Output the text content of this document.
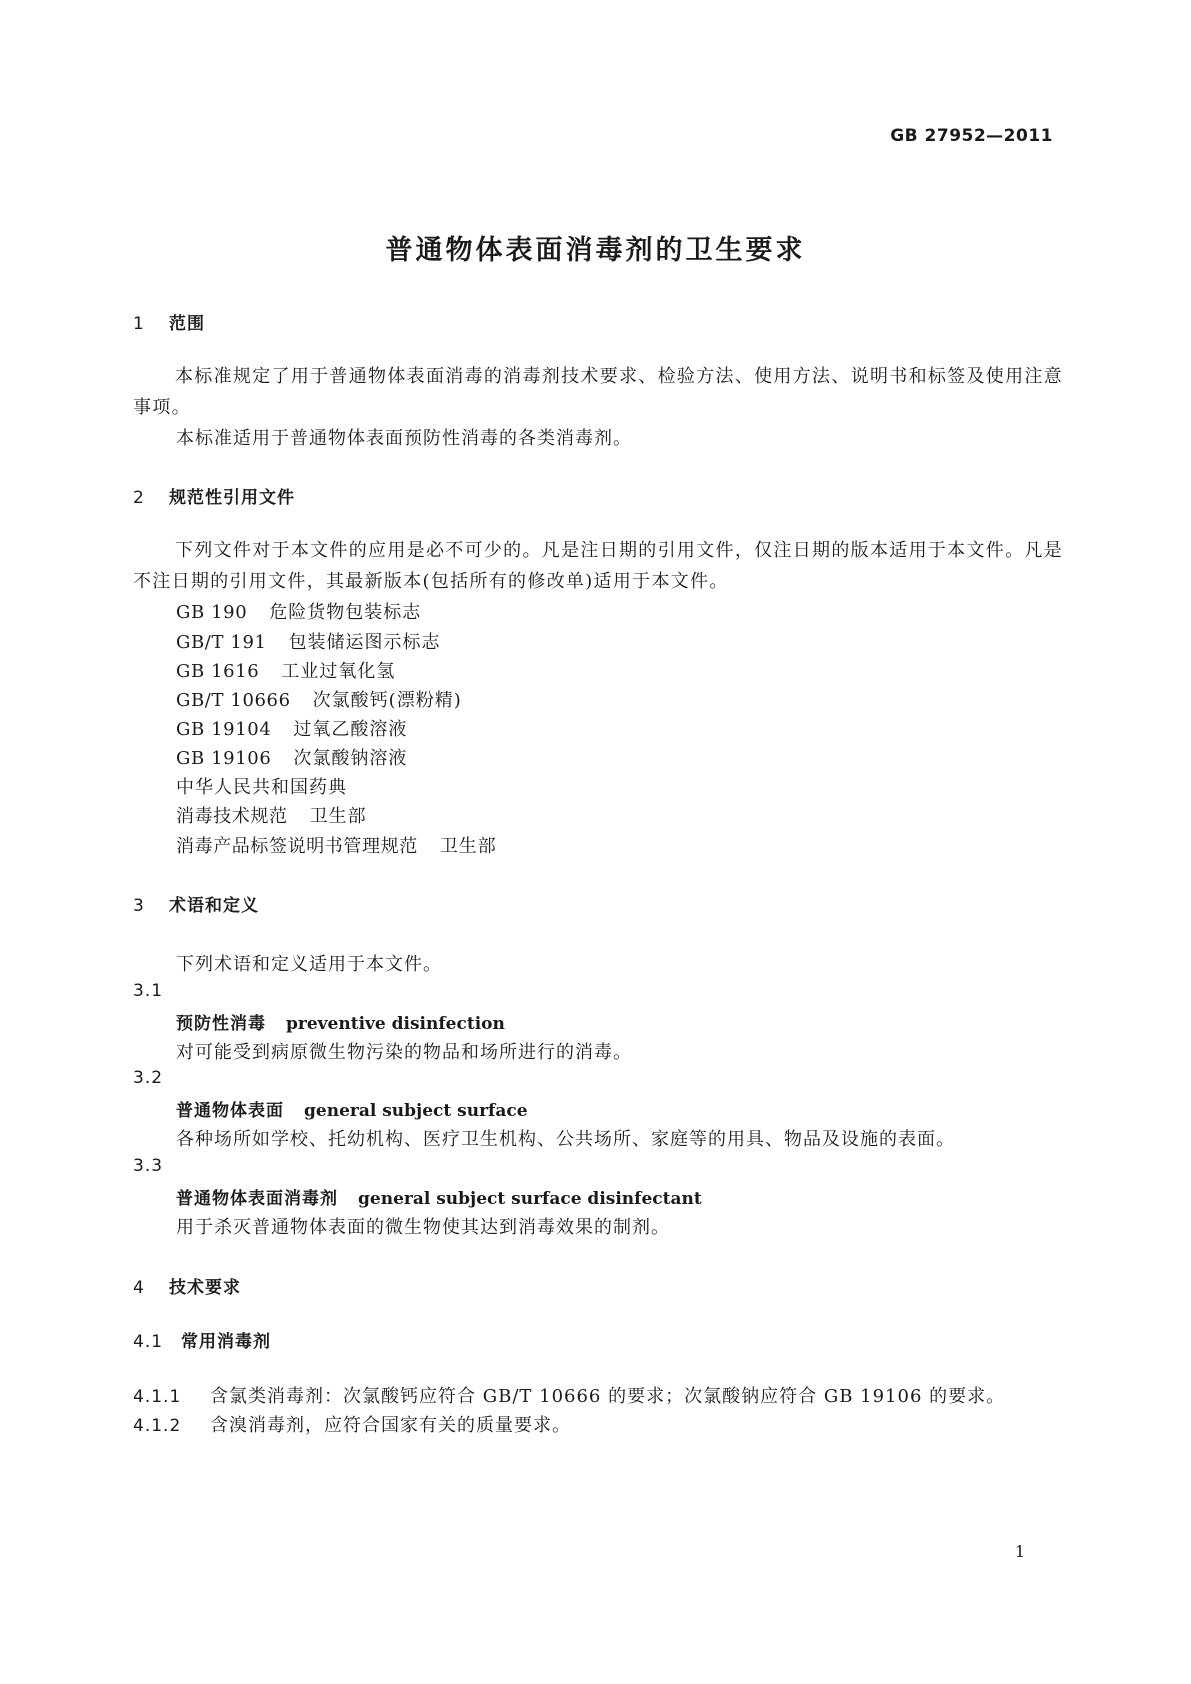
GB 27952—2011
普通物体表面消毒剂的卫生要求
1 范围
本标准规定了用于普通物体表面消毒的消毒剂技术要求、检验方法、使用方法、说明书和标签及使用注意事项。
本标准适用于普通物体表面预防性消毒的各类消毒剂。
2 规范性引用文件
下列文件对于本文件的应用是必不可少的。凡是注日期的引用文件，仅注日期的版本适用于本文件。凡是不注日期的引用文件，其最新版本(包括所有的修改单)适用于本文件。
GB 190 危险货物包装标志
GB/T 191 包装储运图示标志
GB 1616 工业过氧化氢
GB/T 10666 次氯酸钙(漂粉精)
GB 19104 过氧乙酸溶液
GB 19106 次氯酸钠溶液
中华人民共和国药典
消毒技术规范 卫生部
消毒产品标签说明书管理规范 卫生部
3 术语和定义
下列术语和定义适用于本文件。
3.1
预防性消毒 preventive disinfection
对可能受到病原微生物污染的物品和场所进行的消毒。
3.2
普通物体表面 general subject surface
各种场所如学校、托幼机构、医疗卫生机构、公共场所、家庭等的用具、物品及设施的表面。
3.3
普通物体表面消毒剂 general subject surface disinfectant
用于杀灭普通物体表面的微生物使其达到消毒效果的制剂。
4 技术要求
4.1 常用消毒剂
4.1.1 含氯类消毒剂：次氯酸钙应符合 GB/T 10666 的要求；次氯酸钠应符合 GB 19106 的要求。
4.1.2 含溴消毒剂，应符合国家有关的质量要求。
1
